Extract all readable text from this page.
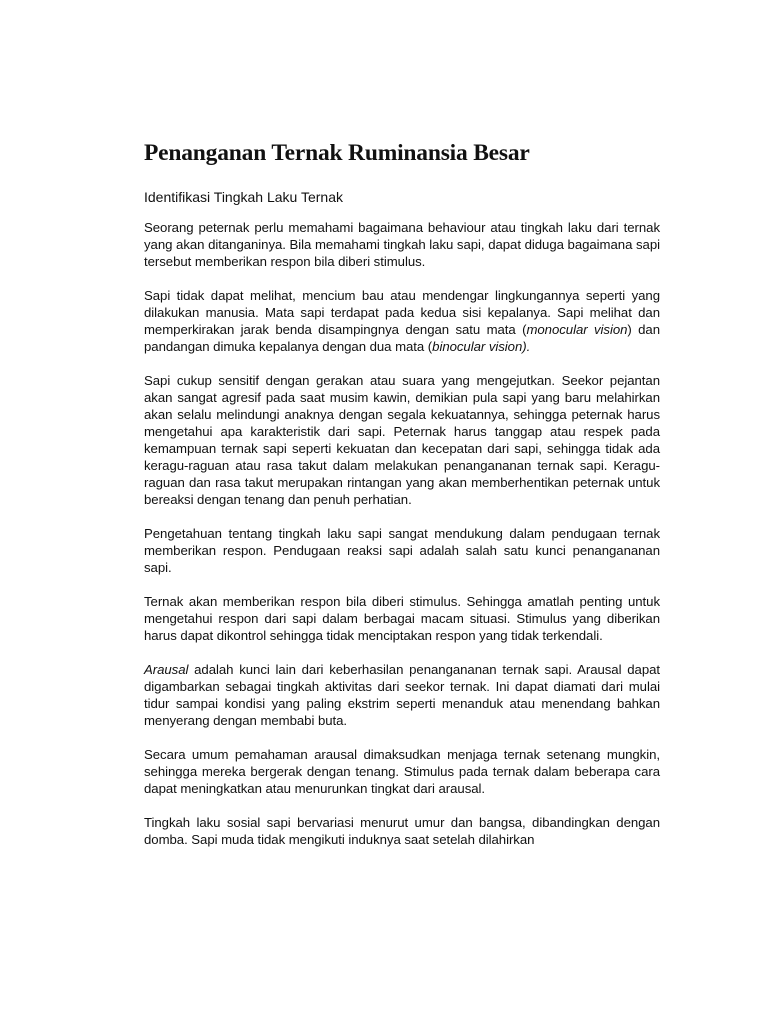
Penanganan Ternak Ruminansia Besar
Identifikasi Tingkah Laku Ternak

Seorang peternak perlu memahami bagaimana behaviour atau tingkah laku dari ternak yang akan ditanganinya. Bila memahami tingkah laku sapi, dapat diduga bagaimana sapi tersebut memberikan respon bila diberi stimulus.

Sapi tidak dapat melihat, mencium bau atau mendengar lingkungannya seperti yang dilakukan manusia. Mata sapi terdapat pada kedua sisi kepalanya. Sapi melihat dan memperkirakan jarak benda disampingnya dengan satu mata (monocular vision) dan pandangan dimuka kepalanya dengan dua mata (binocular vision).

Sapi cukup sensitif dengan gerakan atau suara yang mengejutkan. Seekor pejantan akan sangat agresif pada saat musim kawin, demikian pula sapi yang baru melahirkan akan selalu melindungi anaknya dengan segala kekuatannya, sehingga peternak harus mengetahui apa karakteristik dari sapi. Peternak harus tanggap atau respek pada kemampuan ternak sapi seperti kekuatan dan kecepatan dari sapi, sehingga tidak ada keragu-raguan atau rasa takut dalam melakukan penangananan ternak sapi. Keragu-raguan dan rasa takut merupakan rintangan yang akan memberhentikan peternak untuk bereaksi dengan tenang dan penuh perhatian.

Pengetahuan tentang tingkah laku sapi sangat mendukung dalam pendugaan ternak memberikan respon. Pendugaan reaksi sapi adalah salah satu kunci penangananan sapi.

Ternak akan memberikan respon bila diberi stimulus. Sehingga amatlah penting untuk mengetahui respon dari sapi dalam berbagai macam situasi. Stimulus yang diberikan harus dapat dikontrol sehingga tidak menciptakan respon yang tidak terkendali.

Arausal adalah kunci lain dari keberhasilan penangananan ternak sapi. Arausal dapat digambarkan sebagai tingkah aktivitas dari seekor ternak. Ini dapat diamati dari mulai tidur sampai kondisi yang paling ekstrim seperti menanduk atau menendang bahkan menyerang dengan membabi buta.

Secara umum pemahaman arausal dimaksudkan menjaga ternak setenang mungkin, sehingga mereka bergerak dengan tenang. Stimulus pada ternak dalam beberapa cara dapat meningkatkan atau menurunkan tingkat dari arausal.

Tingkah laku sosial sapi bervariasi menurut umur dan bangsa, dibandingkan dengan domba. Sapi muda tidak mengikuti induknya saat setelah dilahirkan
